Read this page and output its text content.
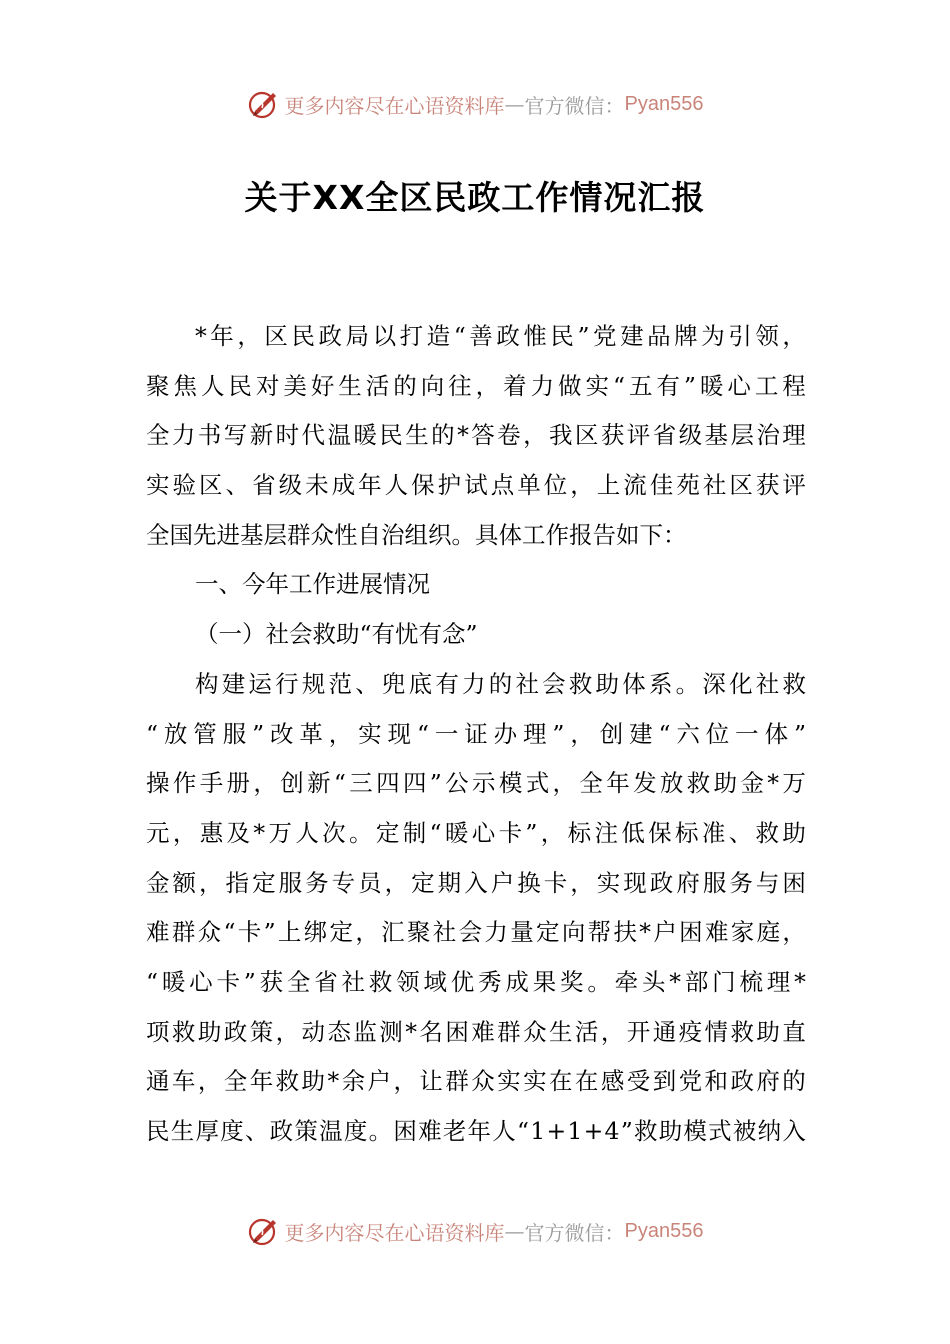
更多内容尽在心语资料库 — 官方微信： Pyan556
关于XX全区民政工作情况汇报
* 年 ， 区 民 政 局 以 打 造 “ 善 政 惟 民 ” 党 建 品 牌 为 引 领 ，
聚 焦 人 民 对 美 好 生 活 的 向 往 ， 着 力 做 实 “ 五 有 ” 暖 心 工 程
全 力 书 写 新 时 代 温 暖 民 生 的 * 答 卷 ， 我 区 获 评 省 级 基 层 治 理
实 验 区 、 省 级 未 成 年 人 保 护 试 点 单 位 ， 上 流 佳 苑 社 区 获 评
全国先进基层群众性自治组织。具体工作报告如下：
一、今年工作进展情况
（一）社会救助“有忧有念”
构 建 运 行 规 范 、 兜 底 有 力 的 社 会 救 助 体 系 。 深 化 社 救
“ 放 管 服 ” 改 革 ， 实 现 “ 一 证 办 理 ” ， 创 建 “ 六 位 一 体 ”
操 作 手 册 ， 创 新 “ 三 四 四 ” 公 示 模 式 ， 全 年 发 放 救 助 金 * 万
元 ， 惠 及 * 万 人 次 。 定 制 “ 暖 心 卡 ” ， 标 注 低 保 标 准 、 救 助
金 额 ， 指 定 服 务 专 员 ， 定 期 入 户 换 卡 ， 实 现 政 府 服 务 与 困
难 群 众 “ 卡 ” 上 绑 定 ， 汇 聚 社 会 力 量 定 向 帮 扶 * 户 困 难 家 庭 ，
“ 暖 心 卡 ” 获 全 省 社 救 领 域 优 秀 成 果 奖 。 牵 头 * 部 门 梳 理 *
项 救 助 政 策 ， 动 态 监 测 * 名 困 难 群 众 生 活 ， 开 通 疫 情 救 助 直
通 车 ， 全 年 救 助 * 余 户 ， 让 群 众 实 实 在 在 感 受 到 党 和 政 府 的
民 生 厚 度 、 政 策 温 度 。 困 难 老 年 人 “ 1 + 1 + 4 ” 救 助 模 式 被 纳 入
更多内容尽在心语资料库 — 官方微信： Pyan556
